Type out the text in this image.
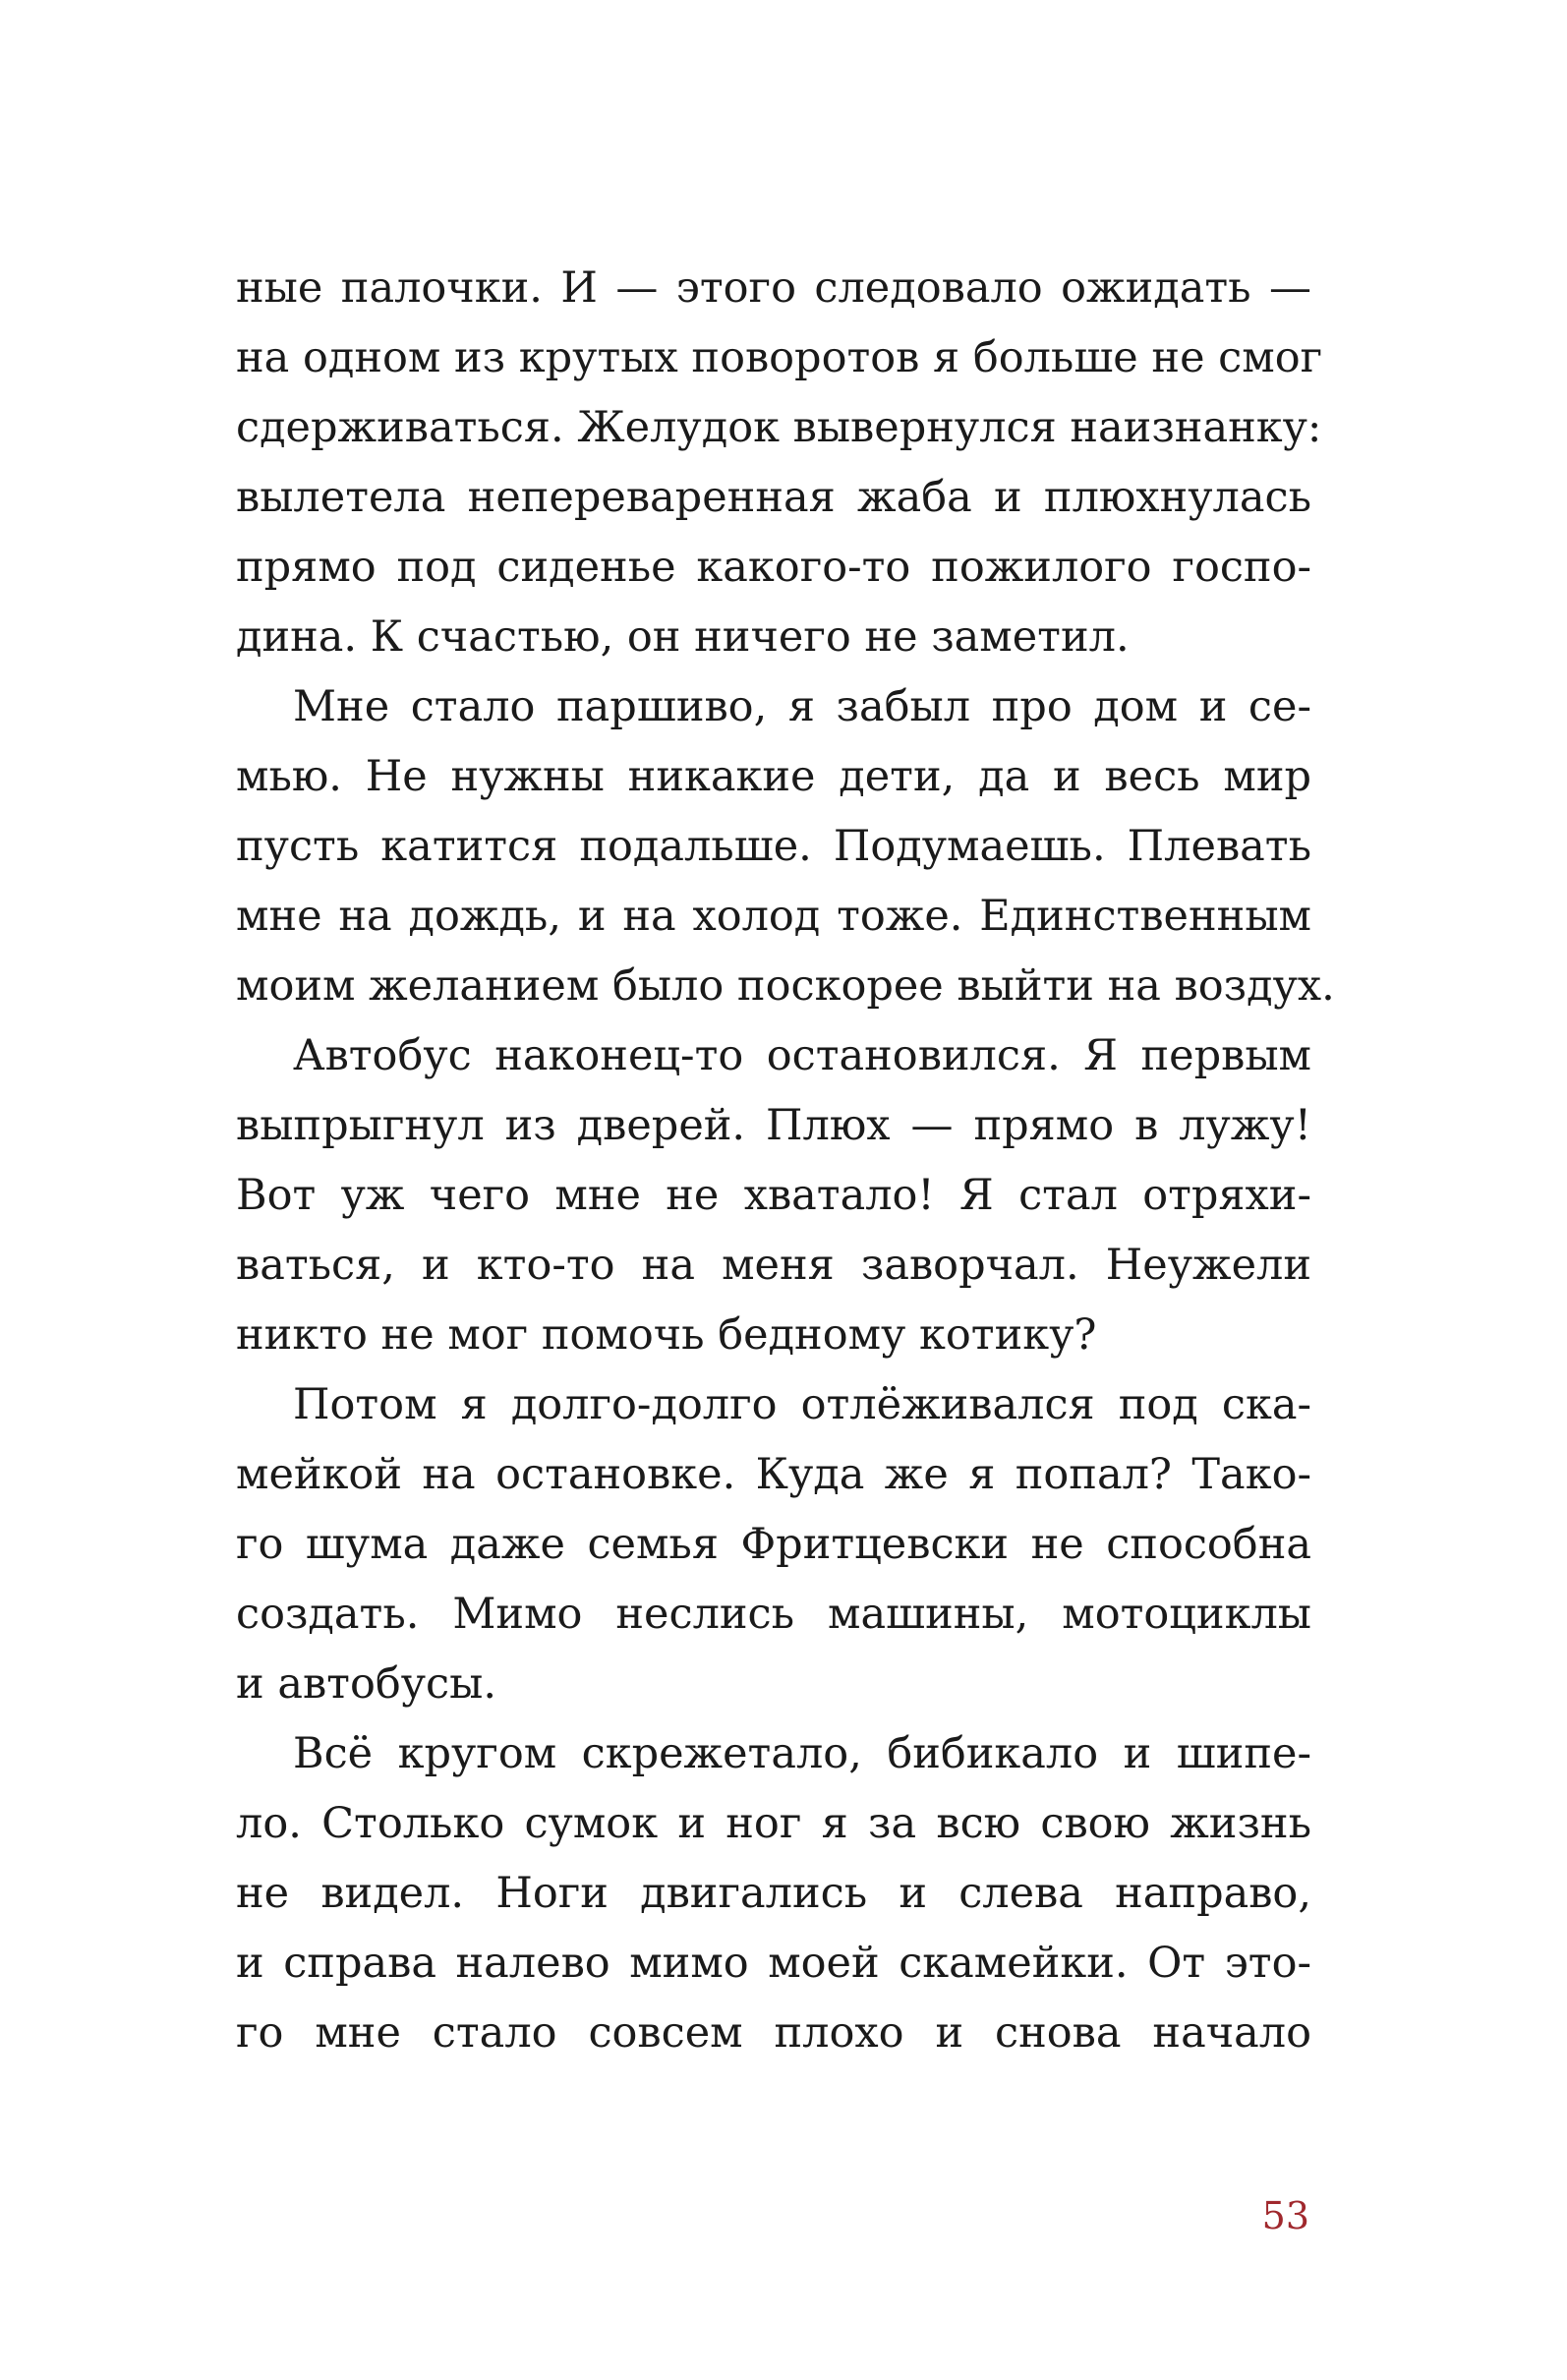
ные палочки. И — этого следовало ожидать —
на одном из крутых поворотов я больше не смог
сдерживаться. Желудок вывернулся наизнанку:
вылетела непереваренная жаба и плюхнулась
прямо под сиденье какого-то пожилого госпо-
дина. К счастью, он ничего не заметил.
Мне стало паршиво, я забыл про дом и се-
мью. Не нужны никакие дети, да и весь мир
пусть катится подальше. Подумаешь. Плевать
мне на дождь, и на холод тоже. Единственным
моим желанием было поскорее выйти на воздух.
Автобус наконец-то остановился. Я первым
выпрыгнул из дверей. Плюх — прямо в лужу!
Вот уж чего мне не хватало! Я стал отряхи-
ваться, и кто-то на меня заворчал. Неужели
никто не мог помочь бедному котику?
Потом я долго-долго отлёживался под ска-
мейкой на остановке. Куда же я попал? Тако-
го шума даже семья Фритцевски не способна
создать. Мимо неслись машины, мотоциклы
и автобусы.
Всё кругом скрежетало, бибикало и шипе-
ло. Столько сумок и ног я за всю свою жизнь
не видел. Ноги двигались и слева направо,
и справа налево мимо моей скамейки. От это-
го мне стало совсем плохо и снова начало
53
